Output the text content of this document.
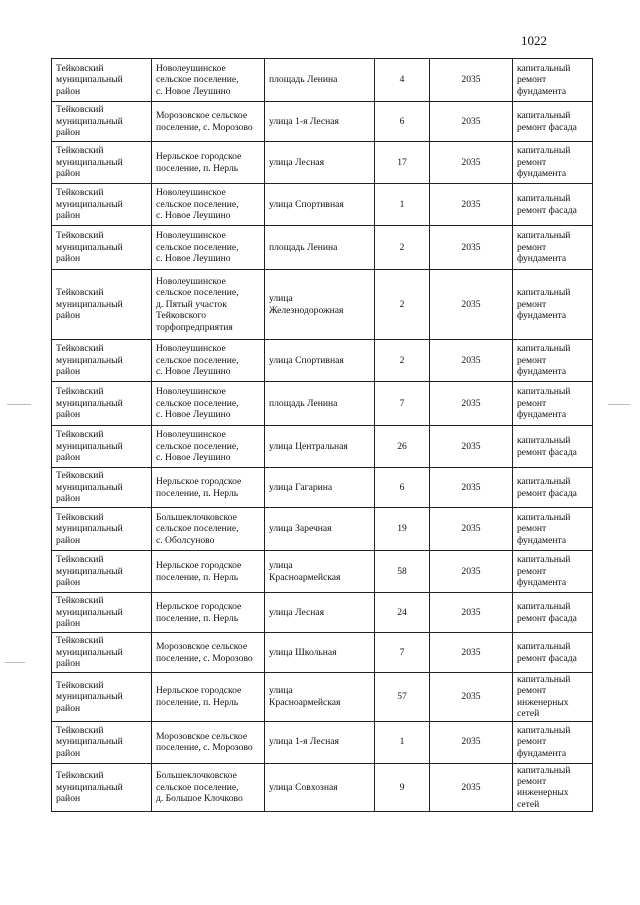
1022
Тейковский
муниципальный
район	Новолеушинское
сельское поселение,
с. Новое Леушино	площадь Ленина	4	2035	капитальный
ремонт
фундамента

Тейковский
муниципальный
район	Морозовское сельское
поселение, с. Морозово	улица 1-я Лесная	6	2035	капитальный
ремонт фасада

Тейковский
муниципальный
район	Нерльское городское
поселение, п. Нерль	улица Лесная	17	2035	капитальный
ремонт
фундамента

Тейковский
муниципальный
район	Новолеушинское
сельское поселение,
с. Новое Леушино	улица Спортивная	1	2035	капитальный
ремонт фасада

Тейковский
муниципальный
район	Новолеушинское
сельское поселение,
с. Новое Леушино	площадь Ленина	2	2035	капитальный
ремонт
фундамента

Тейковский
муниципальный
район	Новолеушинское
сельское поселение,
д. Пятый участок
Тейковского
торфопредприятия	улица
Железнодорожная	2	2035	капитальный
ремонт
фундамента

Тейковский
муниципальный
район	Новолеушинское
сельское поселение,
с. Новое Леушино	улица Спортивная	2	2035	капитальный
ремонт
фундамента

Тейковский
муниципальный
район	Новолеушинское
сельское поселение,
с. Новое Леушино	площадь Ленина	7	2035	капитальный
ремонт
фундамента

Тейковский
муниципальный
район	Новолеушинское
сельское поселение,
с. Новое Леушино	улица Центральная	26	2035	капитальный
ремонт фасада

Тейковский
муниципальный
район	Нерльское городское
поселение, п. Нерль	улица Гагарина	6	2035	капитальный
ремонт фасада

Тейковский
муниципальный
район	Большеклочковское
сельское поселение,
с. Оболсуново	улица Заречная	19	2035	капитальный
ремонт
фундамента

Тейковский
муниципальный
район	Нерльское городское
поселение, п. Нерль	улица
Красноармейская	58	2035	капитальный
ремонт
фундамента

Тейковский
муниципальный
район	Нерльское городское
поселение, п. Нерль	улица Лесная	24	2035	капитальный
ремонт фасада

Тейковский
муниципальный
район	Морозовское сельское
поселение, с. Морозово	улица Школьная	7	2035	капитальный
ремонт фасада

Тейковский
муниципальный
район	Нерльское городское
поселение, п. Нерль	улица
Красноармейская	57	2035	капитальный
ремонт
инженерных
сетей

Тейковский
муниципальный
район	Морозовское сельское
поселение, с. Морозово	улица 1-я Лесная	1	2035	капитальный
ремонт
фундамента

Тейковский
муниципальный
район	Большеклочковское
сельское поселение,
д. Большое Клочково	улица Совхозная	9	2035	капитальный
ремонт
инженерных
сетей
